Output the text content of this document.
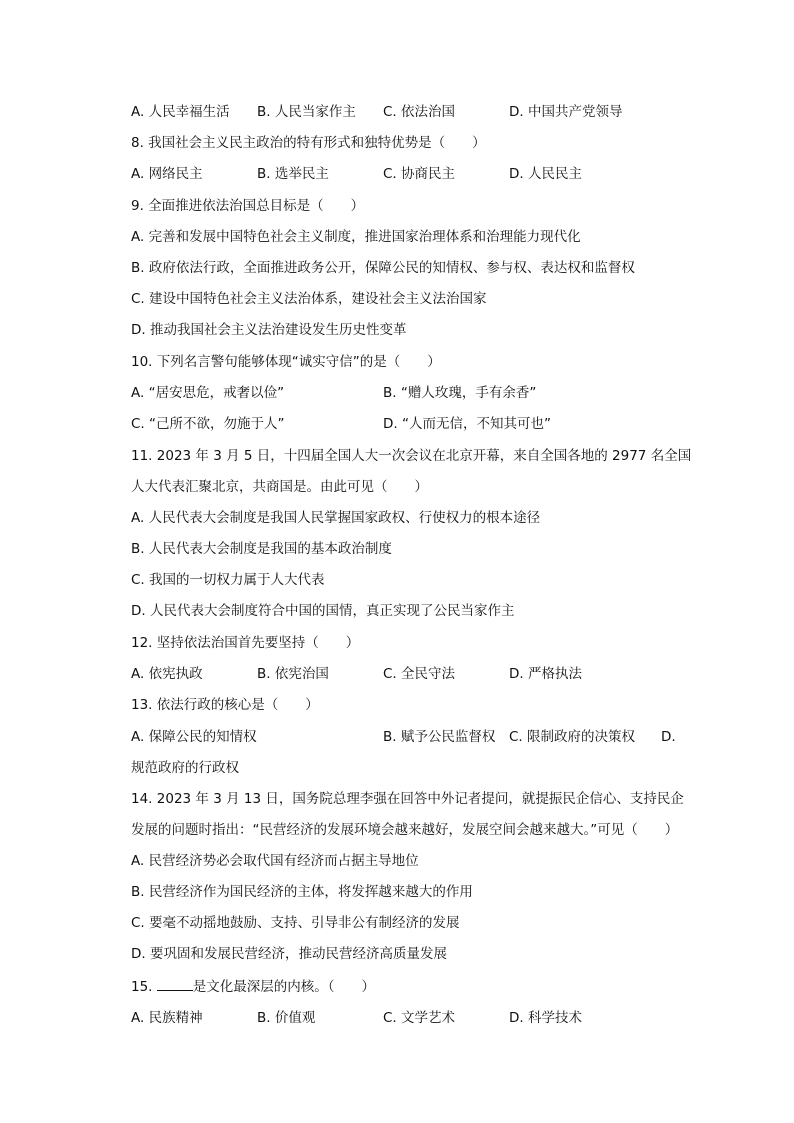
A. 人民幸福生活 B. 人民当家作主 C. 依法治国	D. 中国共产党领导
8. 我国社会主义民主政治的特有形式和独特优势是（　　）
A. 网络民主	B. 选举民主	C. 协商民主	D. 人民民主
9. 全面推进依法治国总目标是（　　）
A. 完善和发展中国特色社会主义制度，推进国家治理体系和治理能力现代化
B. 政府依法行政，全面推进政务公开，保障公民的知情权、参与权、表达权和监督权
C. 建设中国特色社会主义法治体系，建设社会主义法治国家
D. 推动我国社会主义法治建设发生历史性变革
10. 下列名言警句能够体现“诚实守信”的是（　　）
A. “居安思危，戒奢以俭”	B. “赠人玫瑰，手有余香”
C. “己所不欲，勿施于人”	D. “人而无信，不知其可也”
11. 2023 年 3 月 5 日，十四届全国人大一次会议在北京开幕，来自全国各地的 2977 名全国
人大代表汇聚北京，共商国是。由此可见（　　）
A. 人民代表大会制度是我国人民掌握国家政权、行使权力的根本途径
B. 人民代表大会制度是我国的基本政治制度
C. 我国的一切权力属于人大代表
D. 人民代表大会制度符合中国的国情，真正实现了公民当家作主
12. 坚持依法治国首先要坚持（　　）
A. 依宪执政	B. 依宪治国	C. 全民守法	D. 严格执法
13. 依法行政的核心是（　　）
A. 保障公民的知情权	B. 赋予公民监督权 C. 限制政府的决策权 D.
规范政府的行政权
14. 2023 年 3 月 13 日，国务院总理李强在回答中外记者提问，就提振民企信心、支持民企
发展的问题时指出：“民营经济的发展环境会越来越好，发展空间会越来越大。”可见（　　）
A. 民营经济势必会取代国有经济而占据主导地位
B. 民营经济作为国民经济的主体，将发挥越来越大的作用
C. 要毫不动摇地鼓励、支持、引导非公有制经济的发展
D. 要巩固和发展民营经济，推动民营经济高质量发展
15.	是文化最深层的内核。（　　）
A. 民族精神	B. 价值观	C. 文学艺术	D. 科学技术
